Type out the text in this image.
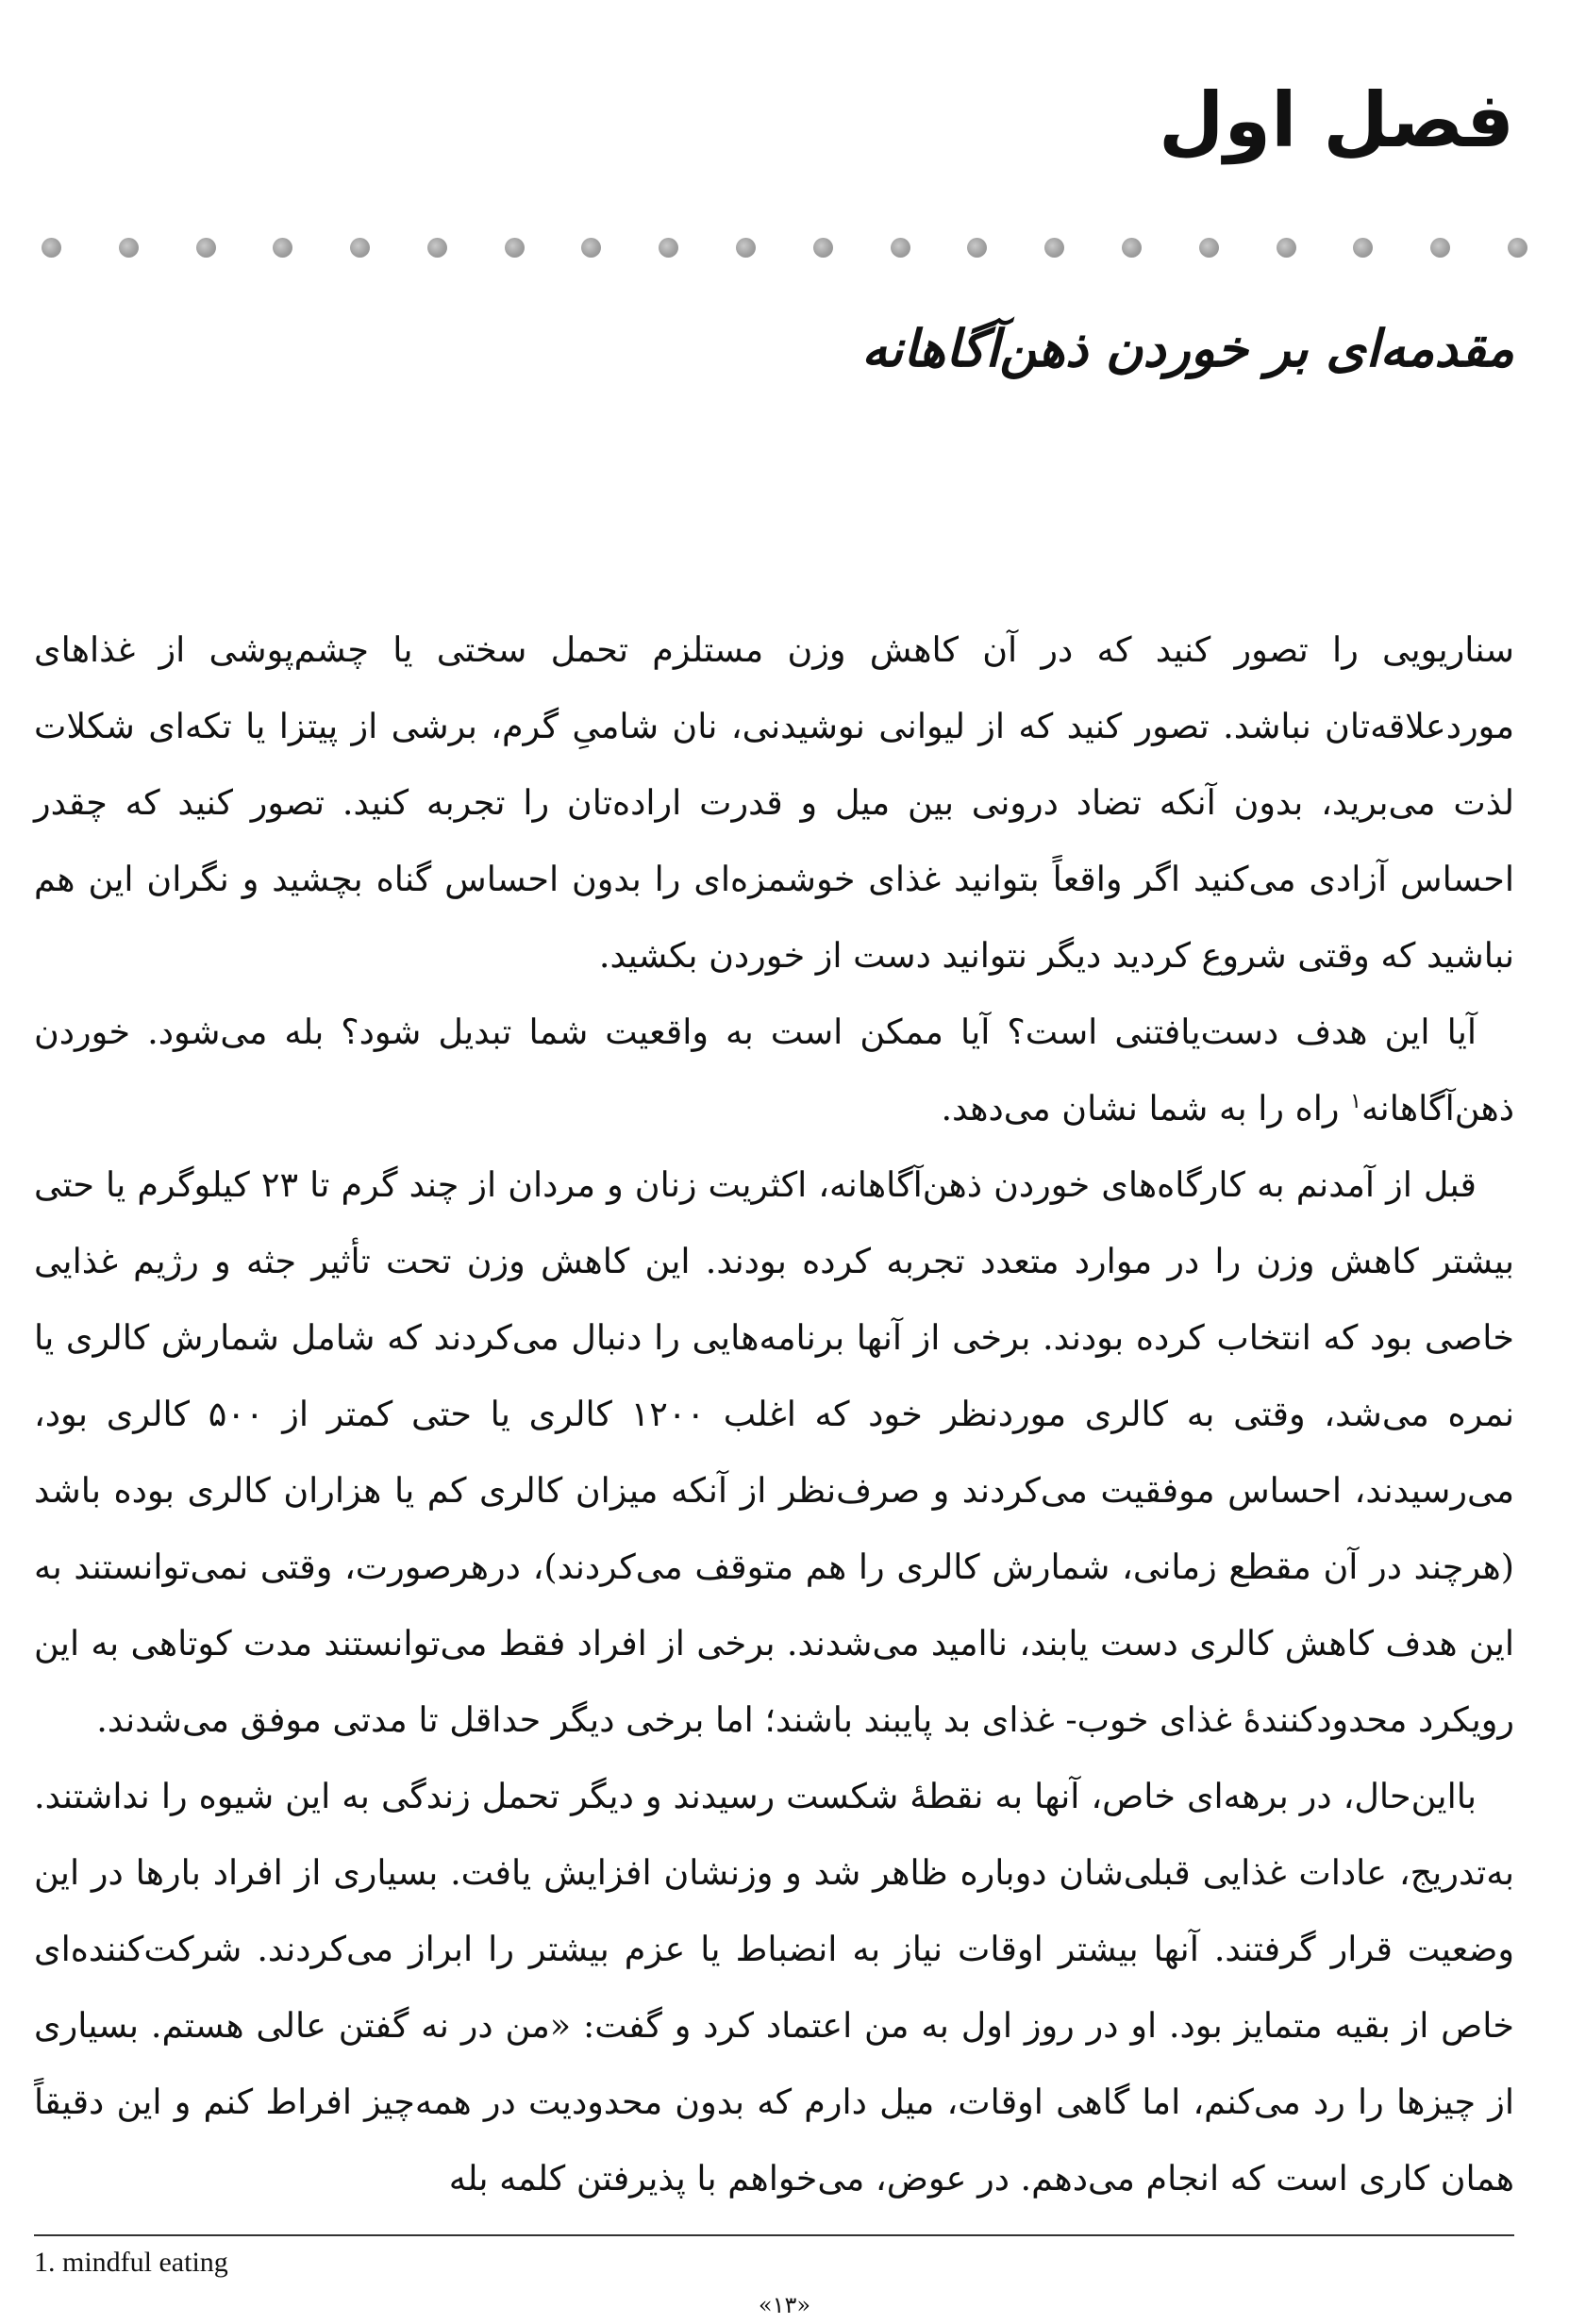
فصل اول
مقدمه‌ای بر خوردن ذهن‌آگاهانه

سناریویی را تصور کنید که در آن کاهش وزن مستلزم تحمل سختی یا چشم‌پوشی از غذاهای موردعلاقه‌تان نباشد. تصور کنید که از لیوانی نوشیدنی، نان شامیِ گرم، برشی از پیتزا یا تکه‌ای شکلات لذت می‌برید، بدون آنکه تضاد درونی بین میل و قدرت اراده‌تان را تجربه کنید. تصور کنید که چقدر احساس آزادی می‌کنید اگر واقعاً بتوانید غذای خوشمزه‌ای را بدون احساس گناه بچشید و نگران این هم نباشید که وقتی شروع کردید دیگر نتوانید دست از خوردن بکشید.

آیا این هدف دست‌یافتنی است؟ آیا ممکن است به واقعیت شما تبدیل شود؟ بله می‌شود. خوردن ذهن‌آگاهانه$^۱$ راه را به شما نشان می‌دهد.

قبل از آمدنم به کارگاه‌های خوردن ذهن‌آگاهانه، اکثریت زنان و مردان از چند گرم تا ۲۳ کیلوگرم یا حتی بیشتر کاهش وزن را در موارد متعدد تجربه کرده بودند. این کاهش وزن تحت تأثیر جثه و رژیم غذایی خاصی بود که انتخاب کرده بودند. برخی از آنها برنامه‌هایی را دنبال می‌کردند که شامل شمارش کالری یا نمره می‌شد، وقتی به کالری موردنظر خود که اغلب ۱۲۰۰ کالری یا حتی کمتر از ۵۰۰ کالری بود، می‌رسیدند، احساس موفقیت می‌کردند و صرف‌نظر از آنکه میزان کالری کم یا هزاران کالری بوده باشد (هرچند در آن مقطع زمانی، شمارش کالری را هم متوقف می‌کردند)، درهرصورت، وقتی نمی‌توانستند به این هدف کاهش کالری دست یابند، ناامید می‌شدند. برخی از افراد فقط می‌توانستند مدت کوتاهی به این رویکرد محدودکنندهٔ غذای خوب- غذای بد پایبند باشند؛ اما برخی دیگر حداقل تا مدتی موفق می‌شدند.

بااین‌حال، در برهه‌ای خاص، آنها به نقطهٔ شکست رسیدند و دیگر تحمل زندگی به این شیوه را نداشتند. به‌تدریج، عادات غذایی قبلی‌شان دوباره ظاهر شد و وزنشان افزایش یافت. بسیاری از افراد بارها در این وضعیت قرار گرفتند. آنها بیشتر اوقات نیاز به انضباط یا عزم بیشتر را ابراز می‌کردند. شرکت‌کننده‌ای خاص از بقیه متمایز بود. او در روز اول به من اعتماد کرد و گفت: «من در نه گفتن عالی هستم. بسیاری از چیزها را رد می‌کنم، اما گاهی اوقات، میل دارم که بدون محدودیت در همه‌چیز افراط کنم و این دقیقاً همان کاری است که انجام می‌دهم. در عوض، می‌خواهم با پذیرفتن کلمه بله

1. mindful eating
«۱۳»
